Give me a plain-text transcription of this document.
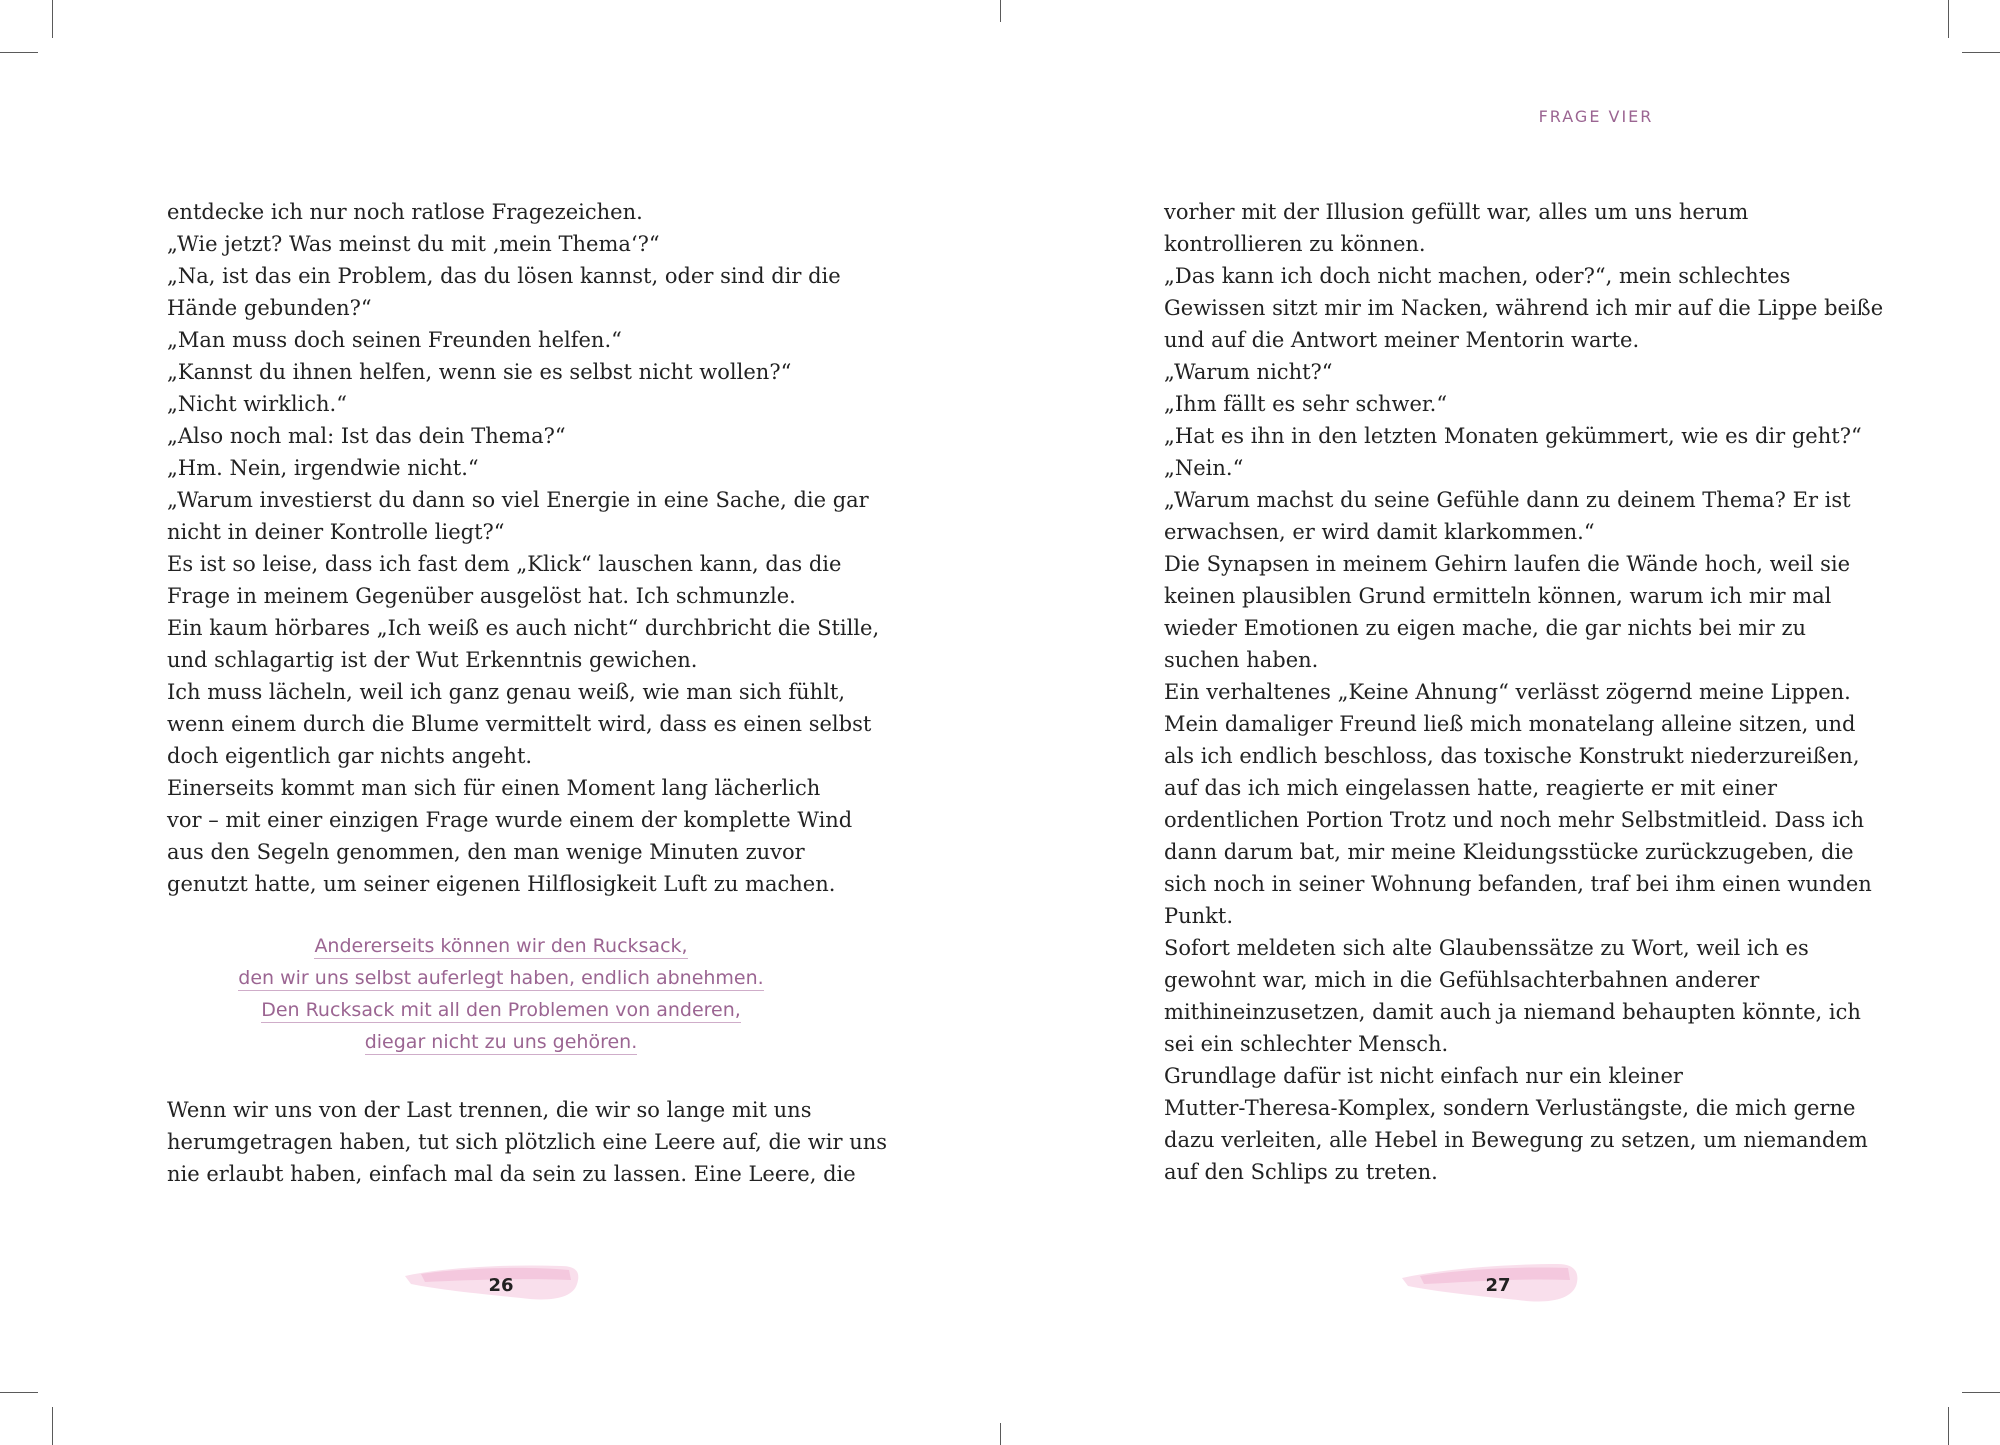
entdecke ich nur noch ratlose Fragezeichen.
„Wie jetzt? Was meinst du mit ‚mein Thema‘?“
„Na, ist das ein Problem, das du lösen kannst, oder sind dir die
Hände gebunden?“
„Man muss doch seinen Freunden helfen.“
„Kannst du ihnen helfen, wenn sie es selbst nicht wollen?“
„Nicht wirklich.“
„Also noch mal: Ist das dein Thema?“
„Hm. Nein, irgendwie nicht.“
„Warum investierst du dann so viel Energie in eine Sache, die gar
nicht in deiner Kontrolle liegt?“
Es ist so leise, dass ich fast dem „Klick“ lauschen kann, das die
Frage in meinem Gegenüber ausgelöst hat. Ich schmunzle.
Ein kaum hörbares „Ich weiß es auch nicht“ durchbricht die Stille,
und schlagartig ist der Wut Erkenntnis gewichen.
Ich muss lächeln, weil ich ganz genau weiß, wie man sich fühlt,
wenn einem durch die Blume vermittelt wird, dass es einen selbst
doch eigentlich gar nichts angeht.
Einerseits kommt man sich für einen Moment lang lächerlich
vor – mit einer einzigen Frage wurde einem der komplette Wind
aus den Segeln genommen, den man wenige Minuten zuvor
genutzt hatte, um seiner eigenen Hilflosigkeit Luft zu machen.
Andererseits können wir den Rucksack,
den wir uns selbst auferlegt haben, endlich abnehmen.
Den Rucksack mit all den Problemen von anderen,
diegar nicht zu uns gehören.
Wenn wir uns von der Last trennen, die wir so lange mit uns
herumgetragen haben, tut sich plötzlich eine Leere auf, die wir uns
nie erlaubt haben, einfach mal da sein zu lassen. Eine Leere, die
26
FRAGE VIER
vorher mit der Illusion gefüllt war, alles um uns herum
kontrollieren zu können.
„Das kann ich doch nicht machen, oder?“, mein schlechtes
Gewissen sitzt mir im Nacken, während ich mir auf die Lippe beiße
und auf die Antwort meiner Mentorin warte.
„Warum nicht?“
„Ihm fällt es sehr schwer.“
„Hat es ihn in den letzten Monaten gekümmert, wie es dir geht?“
„Nein.“
„Warum machst du seine Gefühle dann zu deinem Thema? Er ist
erwachsen, er wird damit klarkommen.“
Die Synapsen in meinem Gehirn laufen die Wände hoch, weil sie
keinen plausiblen Grund ermitteln können, warum ich mir mal
wieder Emotionen zu eigen mache, die gar nichts bei mir zu
suchen haben.
Ein verhaltenes „Keine Ahnung“ verlässt zögernd meine Lippen.
Mein damaliger Freund ließ mich monatelang alleine sitzen, und
als ich endlich beschloss, das toxische Konstrukt niederzureißen,
auf das ich mich eingelassen hatte, reagierte er mit einer
ordentlichen Portion Trotz und noch mehr Selbstmitleid. Dass ich
dann darum bat, mir meine Kleidungsstücke zurückzugeben, die
sich noch in seiner Wohnung befanden, traf bei ihm einen wunden
Punkt.
Sofort meldeten sich alte Glaubenssätze zu Wort, weil ich es
gewohnt war, mich in die Gefühlsachterbahnen anderer
mithineinzusetzen, damit auch ja niemand behaupten könnte, ich
sei ein schlechter Mensch.
Grundlage dafür ist nicht einfach nur ein kleiner
Mutter-Theresa-Komplex, sondern Verlustängste, die mich gerne
dazu verleiten, alle Hebel in Bewegung zu setzen, um niemandem
auf den Schlips zu treten.
27
